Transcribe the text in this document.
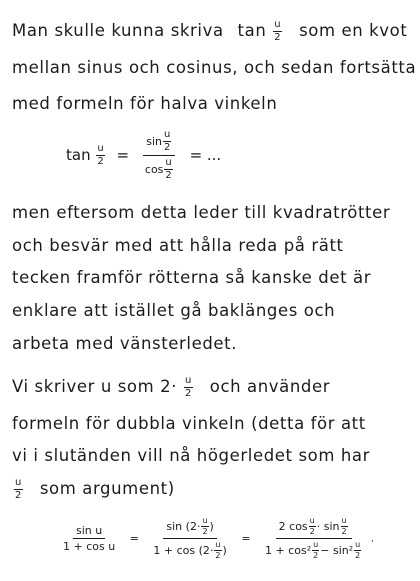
Man skulle kunna skriva $\tan \frac{u}{2}$ som en kvot
mellan sinus och cosinus, och sedan fortsätta
med formeln för halva vinkeln
$\tan \frac{u}{2} = \sin$
u
2
cos
u
2 = ...
men eftersom detta leder till kvadratrötter
och besvär med att hålla reda på rätt
tecken framför rötterna så kanske det är
enklare att istället gå baklänges och
arbeta med vänsterledet.
Vi skriver u som $2\cdot \frac{u}{2}$ och använder
formeln för dubbla vinkeln (detta för att
vi i slutänden vill nå högerledet som har
$\frac{u}{2}$ som argument)
$\frac{\text{sin u}}{\text{1 + cos u}}$ =
sin (2· u
2 )
1 + cos (2· u
2 )
=
2 cos u
2 · sin u
2
1 + cos² u
2 − sin² u
2
.
